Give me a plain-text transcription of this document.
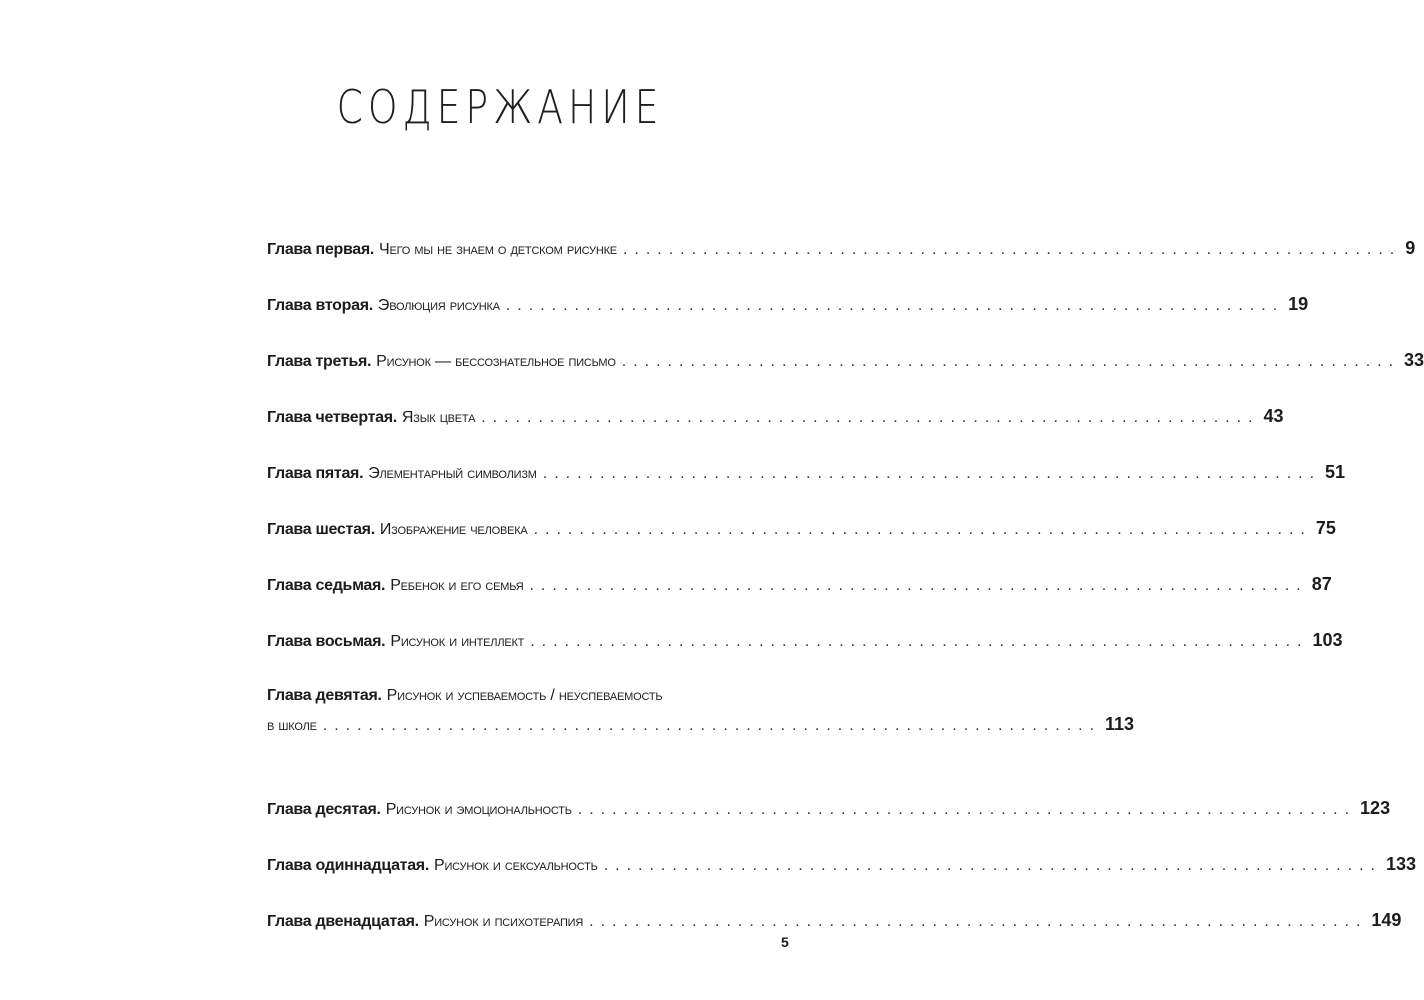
СОДЕРЖАНИЕ
Глава первая. Чего мы не знаем о детском рисунке .................................................................... 9
Глава вторая. Эволюция рисунка .................................................................... 19
Глава третья. Рисунок — бессознательное письмо .................................................................... 33
Глава четвертая. Язык цвета .................................................................... 43
Глава пятая. Элементарный символизм .................................................................... 51
Глава шестая. Изображение человека .................................................................... 75
Глава седьмая. Ребенок и его семья .................................................................... 87
Глава восьмая. Рисунок и интеллект .................................................................... 103
Глава девятая. Рисунок и успеваемость / неуспеваемость
в школе .................................................................... 113
Глава десятая. Рисунок и эмоциональность .................................................................... 123
Глава одиннадцатая. Рисунок и сексуальность .................................................................... 133
Глава двенадцатая. Рисунок и психотерапия .................................................................... 149
5
